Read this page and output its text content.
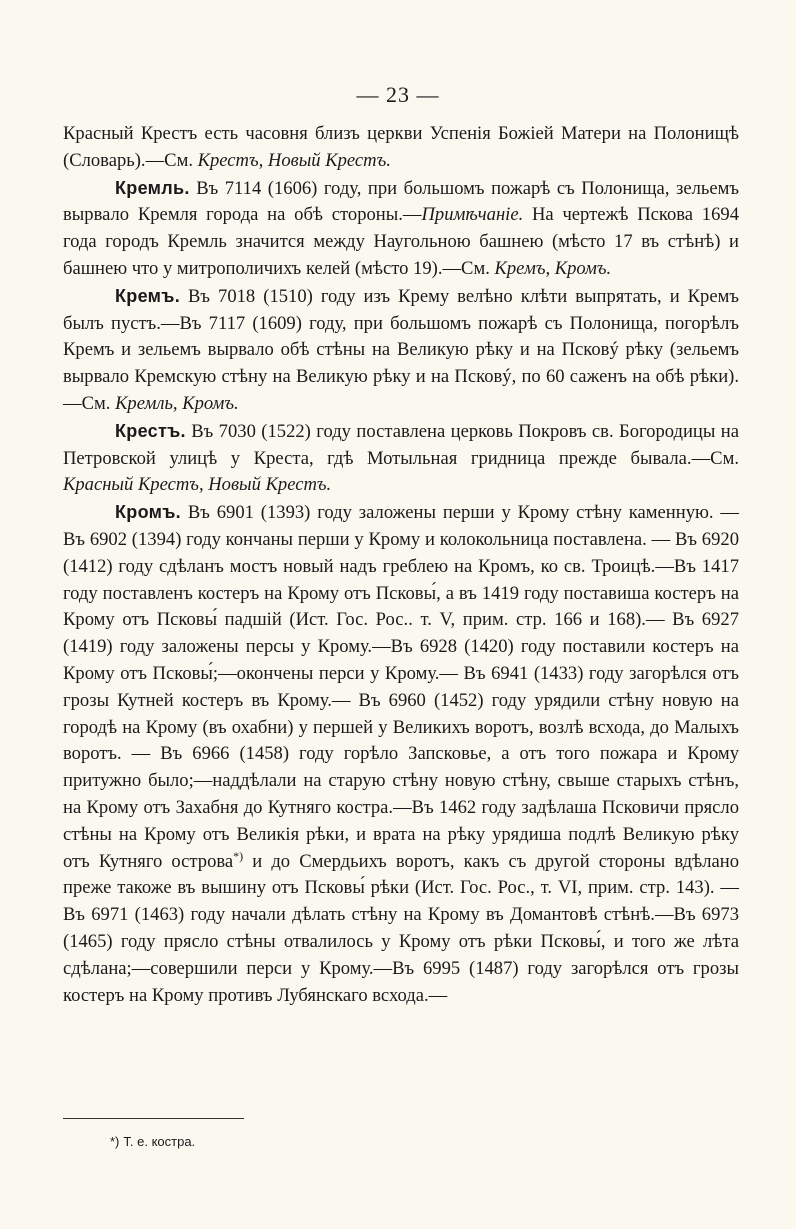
— 23 —

Красный Крестъ есть часовня близъ церкви Успенія Божіей Матери на Полонищѣ (Словарь).—См. Крестъ, Новый Крестъ.

Кремль. Въ 7114 (1606) году, при большомъ пожарѣ съ Полонища, зельемъ вырвало Кремля города на обѣ стороны.—Примѣчаніе. На чертежѣ Пскова 1694 года городъ Кремль значится между Наугольною башнею (мѣсто 17 въ стѣнѣ) и башнею что у митрополичихъ келей (мѣсто 19).—См. Кремъ, Кромъ.

Кремъ. Въ 7018 (1510) году изъ Крему велѣно клѣти выпрятать, и Кремъ былъ пустъ.—Въ 7117 (1609) году, при большомъ пожарѣ съ Полонища, погорѣлъ Кремъ и зельемъ вырвало обѣ стѣны на Великую рѣку и на Псковý рѣку (зельемъ вырвало Кремскую стѣну на Великую рѣку и на Псковý, по 60 саженъ на обѣ рѣки).—См. Кремль, Кромъ.

Крестъ. Въ 7030 (1522) году поставлена церковь Покровъ св. Богородицы на Петровской улицѣ у Креста, гдѣ Мотыльная гридница прежде бывала.—См. Красный Крестъ, Новый Крестъ.

Кромъ. Въ 6901 (1393) году заложены перши у Крому стѣну каменную. — Въ 6902 (1394) году кончаны перши у Крому и колокольница поставлена. — Въ 6920 (1412) году сдѣланъ мостъ новый надъ греблею на Кромъ, ко св. Троицѣ.—Въ 1417 году поставленъ костеръ на Крому отъ Псковы́, а въ 1419 году поставиша костеръ на Крому отъ Псковы́ падшій (Ист. Гос. Рос.. т. V, прим. стр. 166 и 168).— Въ 6927 (1419) году заложены персы у Крому.—Въ 6928 (1420) году поставили костеръ на Крому отъ Псковы́;—окончены перси у Крому.— Въ 6941 (1433) году загорѣлся отъ грозы Кутней костеръ въ Крому.— Въ 6960 (1452) году урядили стѣну новую на городѣ на Крому (въ охабни) у першей у Великихъ воротъ, возлѣ всхода, до Малыхъ воротъ. — Въ 6966 (1458) году горѣло Запсковье, а отъ того пожара и Крому притужно было;—наддѣлали на старую стѣну новую стѣну, свыше старыхъ стѣнъ, на Крому отъ Захабня до Кутняго костра.—Въ 1462 году задѣлаша Псковичи прясло стѣны на Крому отъ Великія рѣки, и врата на рѣку урядиша подлѣ Великую рѣку отъ Кутняго острова*) и до Смердьихъ воротъ, какъ съ другой стороны вдѣлано преже такоже въ вышину отъ Псковы́ рѣки (Ист. Гос. Рос., т. VI, прим. стр. 143). — Въ 6971 (1463) году начали дѣлать стѣну на Крому въ Домантовѣ стѣнѣ.—Въ 6973 (1465) году прясло стѣны отвалилось у Крому отъ рѣки Псковы́, и того же лѣта сдѣлана;—совершили перси у Крому.—Въ 6995 (1487) году загорѣлся отъ грозы костеръ на Крому противъ Лубянскаго всхода.—

*) Т. е. костра.
